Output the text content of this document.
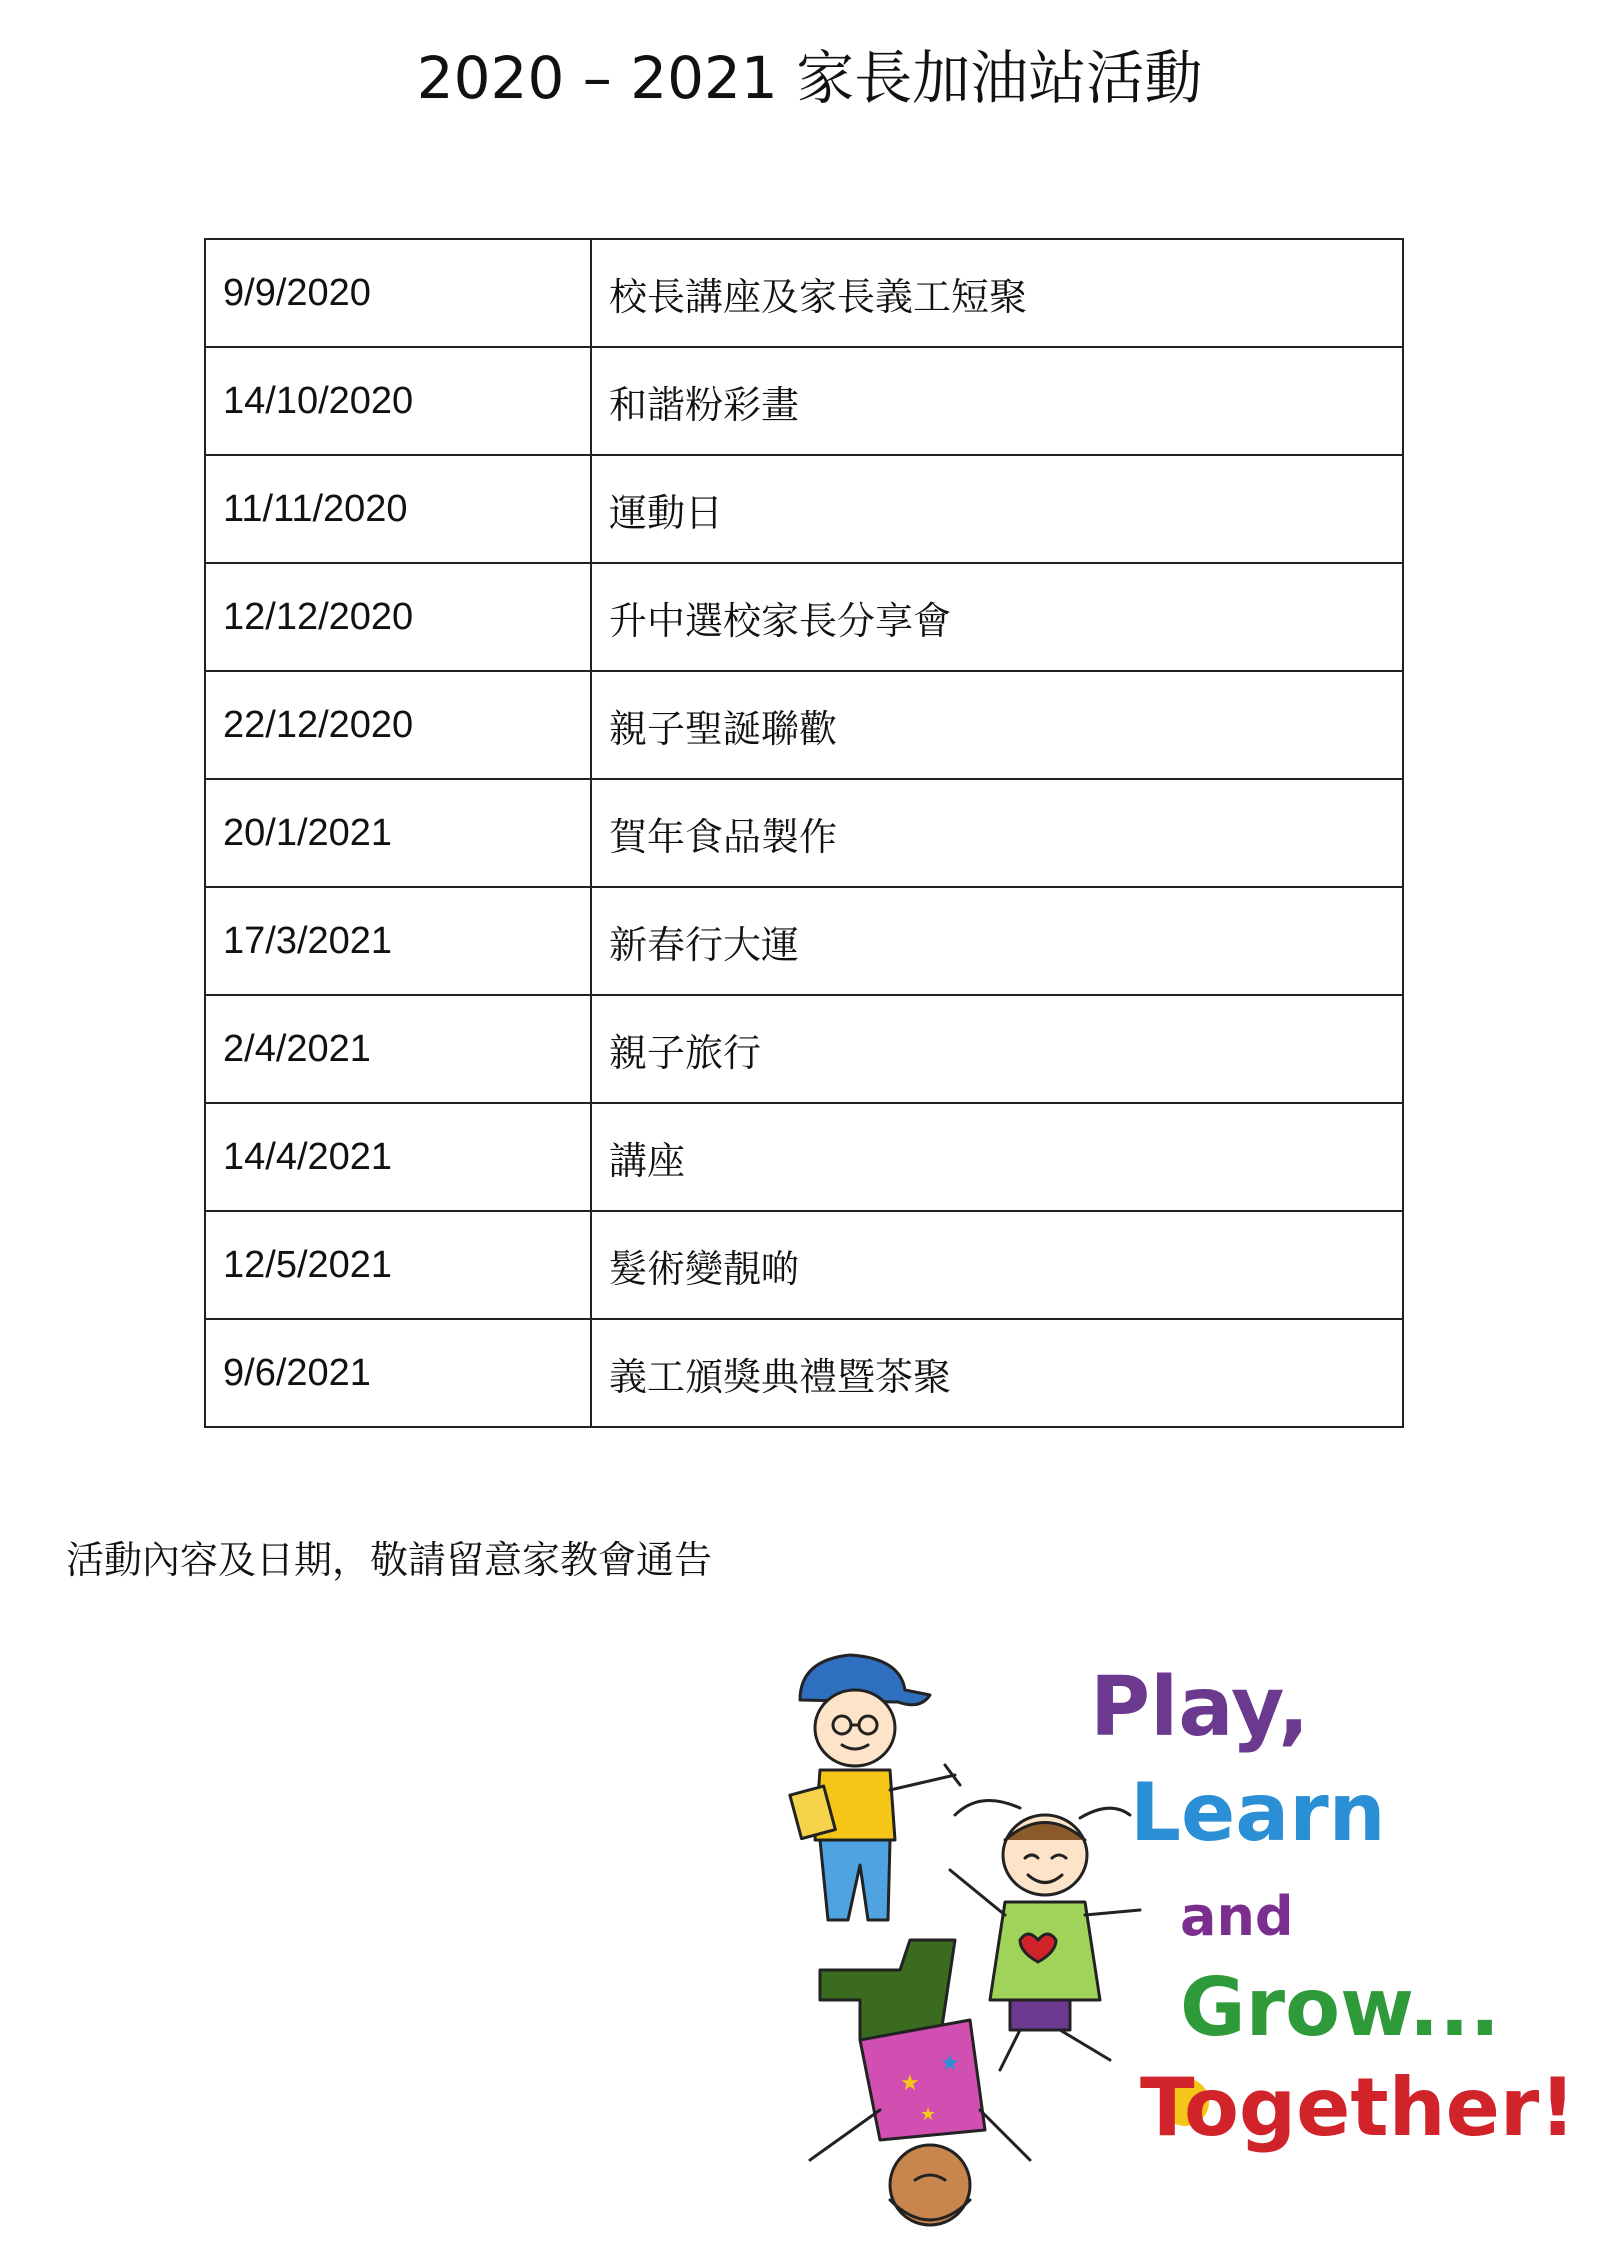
2020 – 2021 家長加油站活動
9/9/2020	校長講座及家長義工短聚
14/10/2020	和諧粉彩畫
11/11/2020	運動日
12/12/2020	升中選校家長分享會
22/12/2020	親子聖誕聯歡
20/1/2021	賀年食品製作
17/3/2021	新春行大運
2/4/2021	親子旅行
14/4/2021	講座
12/5/2021	髮術變靚啲
9/6/2021	義工頒獎典禮暨茶聚

活動內容及日期，敬請留意家教會通告

★
★
★
Play,
Learn
and
Grow...
Together!
